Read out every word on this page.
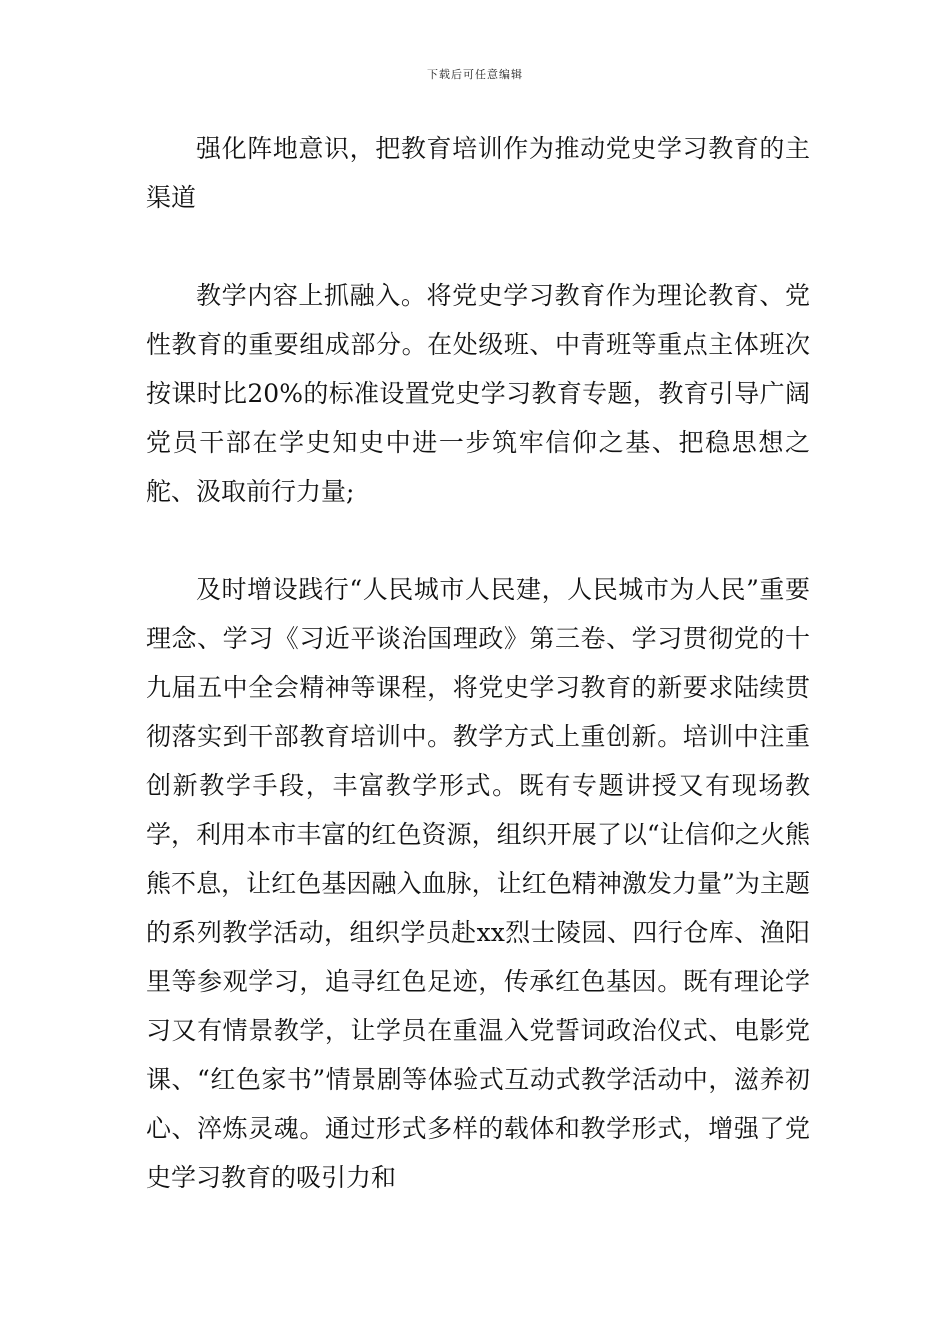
下载后可任意编辑

强化阵地意识，把教育培训作为推动党史学习教育的主渠道

教学内容上抓融入。将党史学习教育作为理论教育、党性教育的重要组成部分。在处级班、中青班等重点主体班次按课时比20%的标准设置党史学习教育专题，教育引导广阔党员干部在学史知史中进一步筑牢信仰之基、把稳思想之舵、汲取前行力量;

及时增设践行“人民城市人民建，人民城市为人民”重要理念、学习《习近平谈治国理政》第三卷、学习贯彻党的十九届五中全会精神等课程，将党史学习教育的新要求陆续贯彻落实到干部教育培训中。教学方式上重创新。培训中注重创新教学手段，丰富教学形式。既有专题讲授又有现场教学，利用本市丰富的红色资源，组织开展了以“让信仰之火熊熊不息，让红色基因融入血脉，让红色精神激发力量”为主题的系列教学活动，组织学员赴xx烈士陵园、四行仓库、渔阳里等参观学习，追寻红色足迹，传承红色基因。既有理论学习又有情景教学，让学员在重温入党誓词政治仪式、电影党课、“红色家书”情景剧等体验式互动式教学活动中，滋养初心、淬炼灵魂。通过形式多样的载体和教学形式，增强了党史学习教育的吸引力和
